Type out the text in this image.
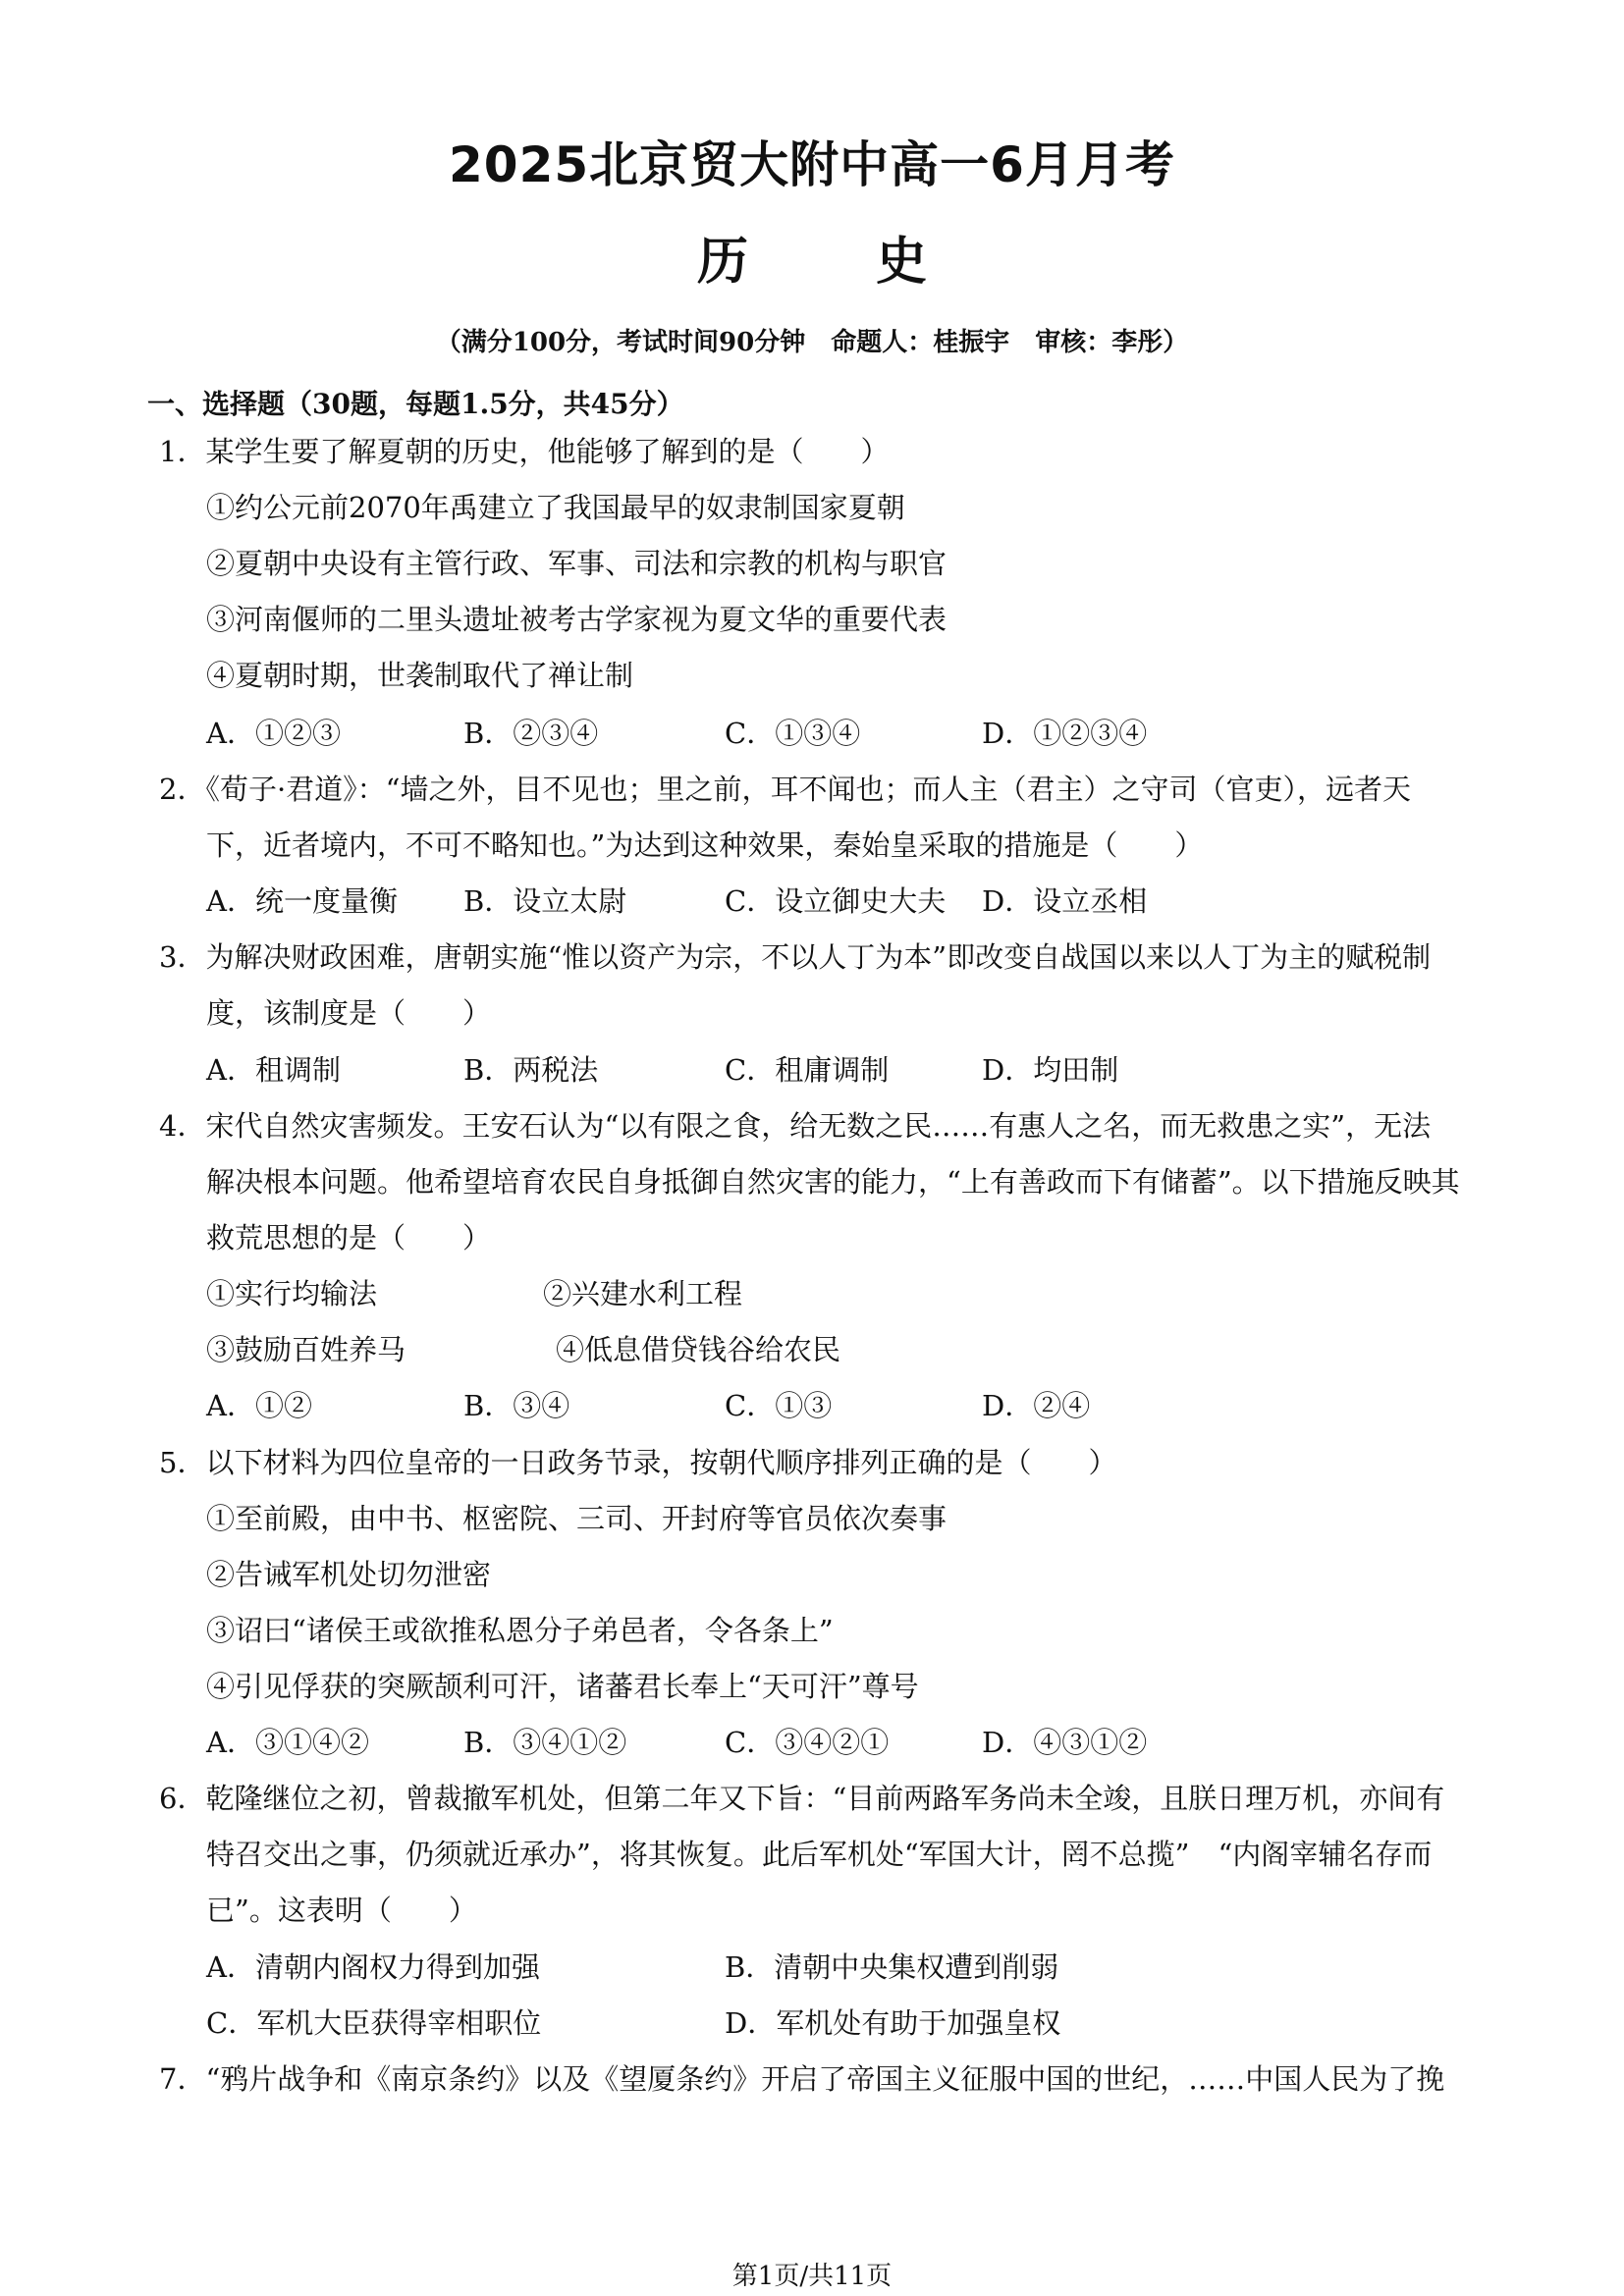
2025北京贸大附中高一6月月考
历史
（满分100分，考试时间90分钟　命题人：桂振宇　审核：李彤）
一、选择题（30题，每题1.5分，共45分）
1．某学生要了解夏朝的历史，他能够了解到的是（　　）
①约公元前2070年禹建立了我国最早的奴隶制国家夏朝
②夏朝中央设有主管行政、军事、司法和宗教的机构与职官
③河南偃师的二里头遗址被考古学家视为夏文华的重要代表
④夏朝时期，世袭制取代了禅让制
A．①②③	B．②③④	C．①③④	D．①②③④
2．《荀子·君道》：“墙之外，目不见也；里之前，耳不闻也；而人主（君主）之守司（官吏），远者天
下，近者境内，不可不略知也。”为达到这种效果，秦始皇采取的措施是（　　）
A．统一度量衡 B．设立太尉	C．设立御史大夫 D．设立丞相
3．为解决财政困难，唐朝实施“惟以资产为宗，不以人丁为本”即改变自战国以来以人丁为主的赋税制
度，该制度是（　　）
A．租调制	B．两税法	C．租庸调制	D．均田制
4．宋代自然灾害频发。王安石认为“以有限之食，给无数之民……有惠人之名，而无救患之实”，无法
解决根本问题。他希望培育农民自身抵御自然灾害的能力，“上有善政而下有储蓄”。以下措施反映其
救荒思想的是（　　）
①实行均输法	②兴建水利工程
③鼓励百姓养马	④低息借贷钱谷给农民
A．①②	B．③④	C．①③	D．②④
5．以下材料为四位皇帝的一日政务节录，按朝代顺序排列正确的是（　　）
①至前殿，由中书、枢密院、三司、开封府等官员依次奏事
②告诫军机处切勿泄密
③诏曰“诸侯王或欲推私恩分子弟邑者，令各条上”
④引见俘获的突厥颉利可汗，诸蕃君长奉上“天可汗”尊号
A．③①④②	B．③④①②	C．③④②①	D．④③①②
6．乾隆继位之初，曾裁撤军机处，但第二年又下旨：“目前两路军务尚未全竣，且朕日理万机，亦间有
特召交出之事，仍须就近承办”，将其恢复。此后军机处“军国大计，罔不总揽”　“内阁宰辅名存而
已”。这表明（　　）
A．清朝内阁权力得到加强	B．清朝中央集权遭到削弱
C．军机大臣获得宰相职位	D．军机处有助于加强皇权
7．“鸦片战争和《南京条约》以及《望厦条约》开启了帝国主义征服中国的世纪，……中国人民为了挽
第1页/共11页
